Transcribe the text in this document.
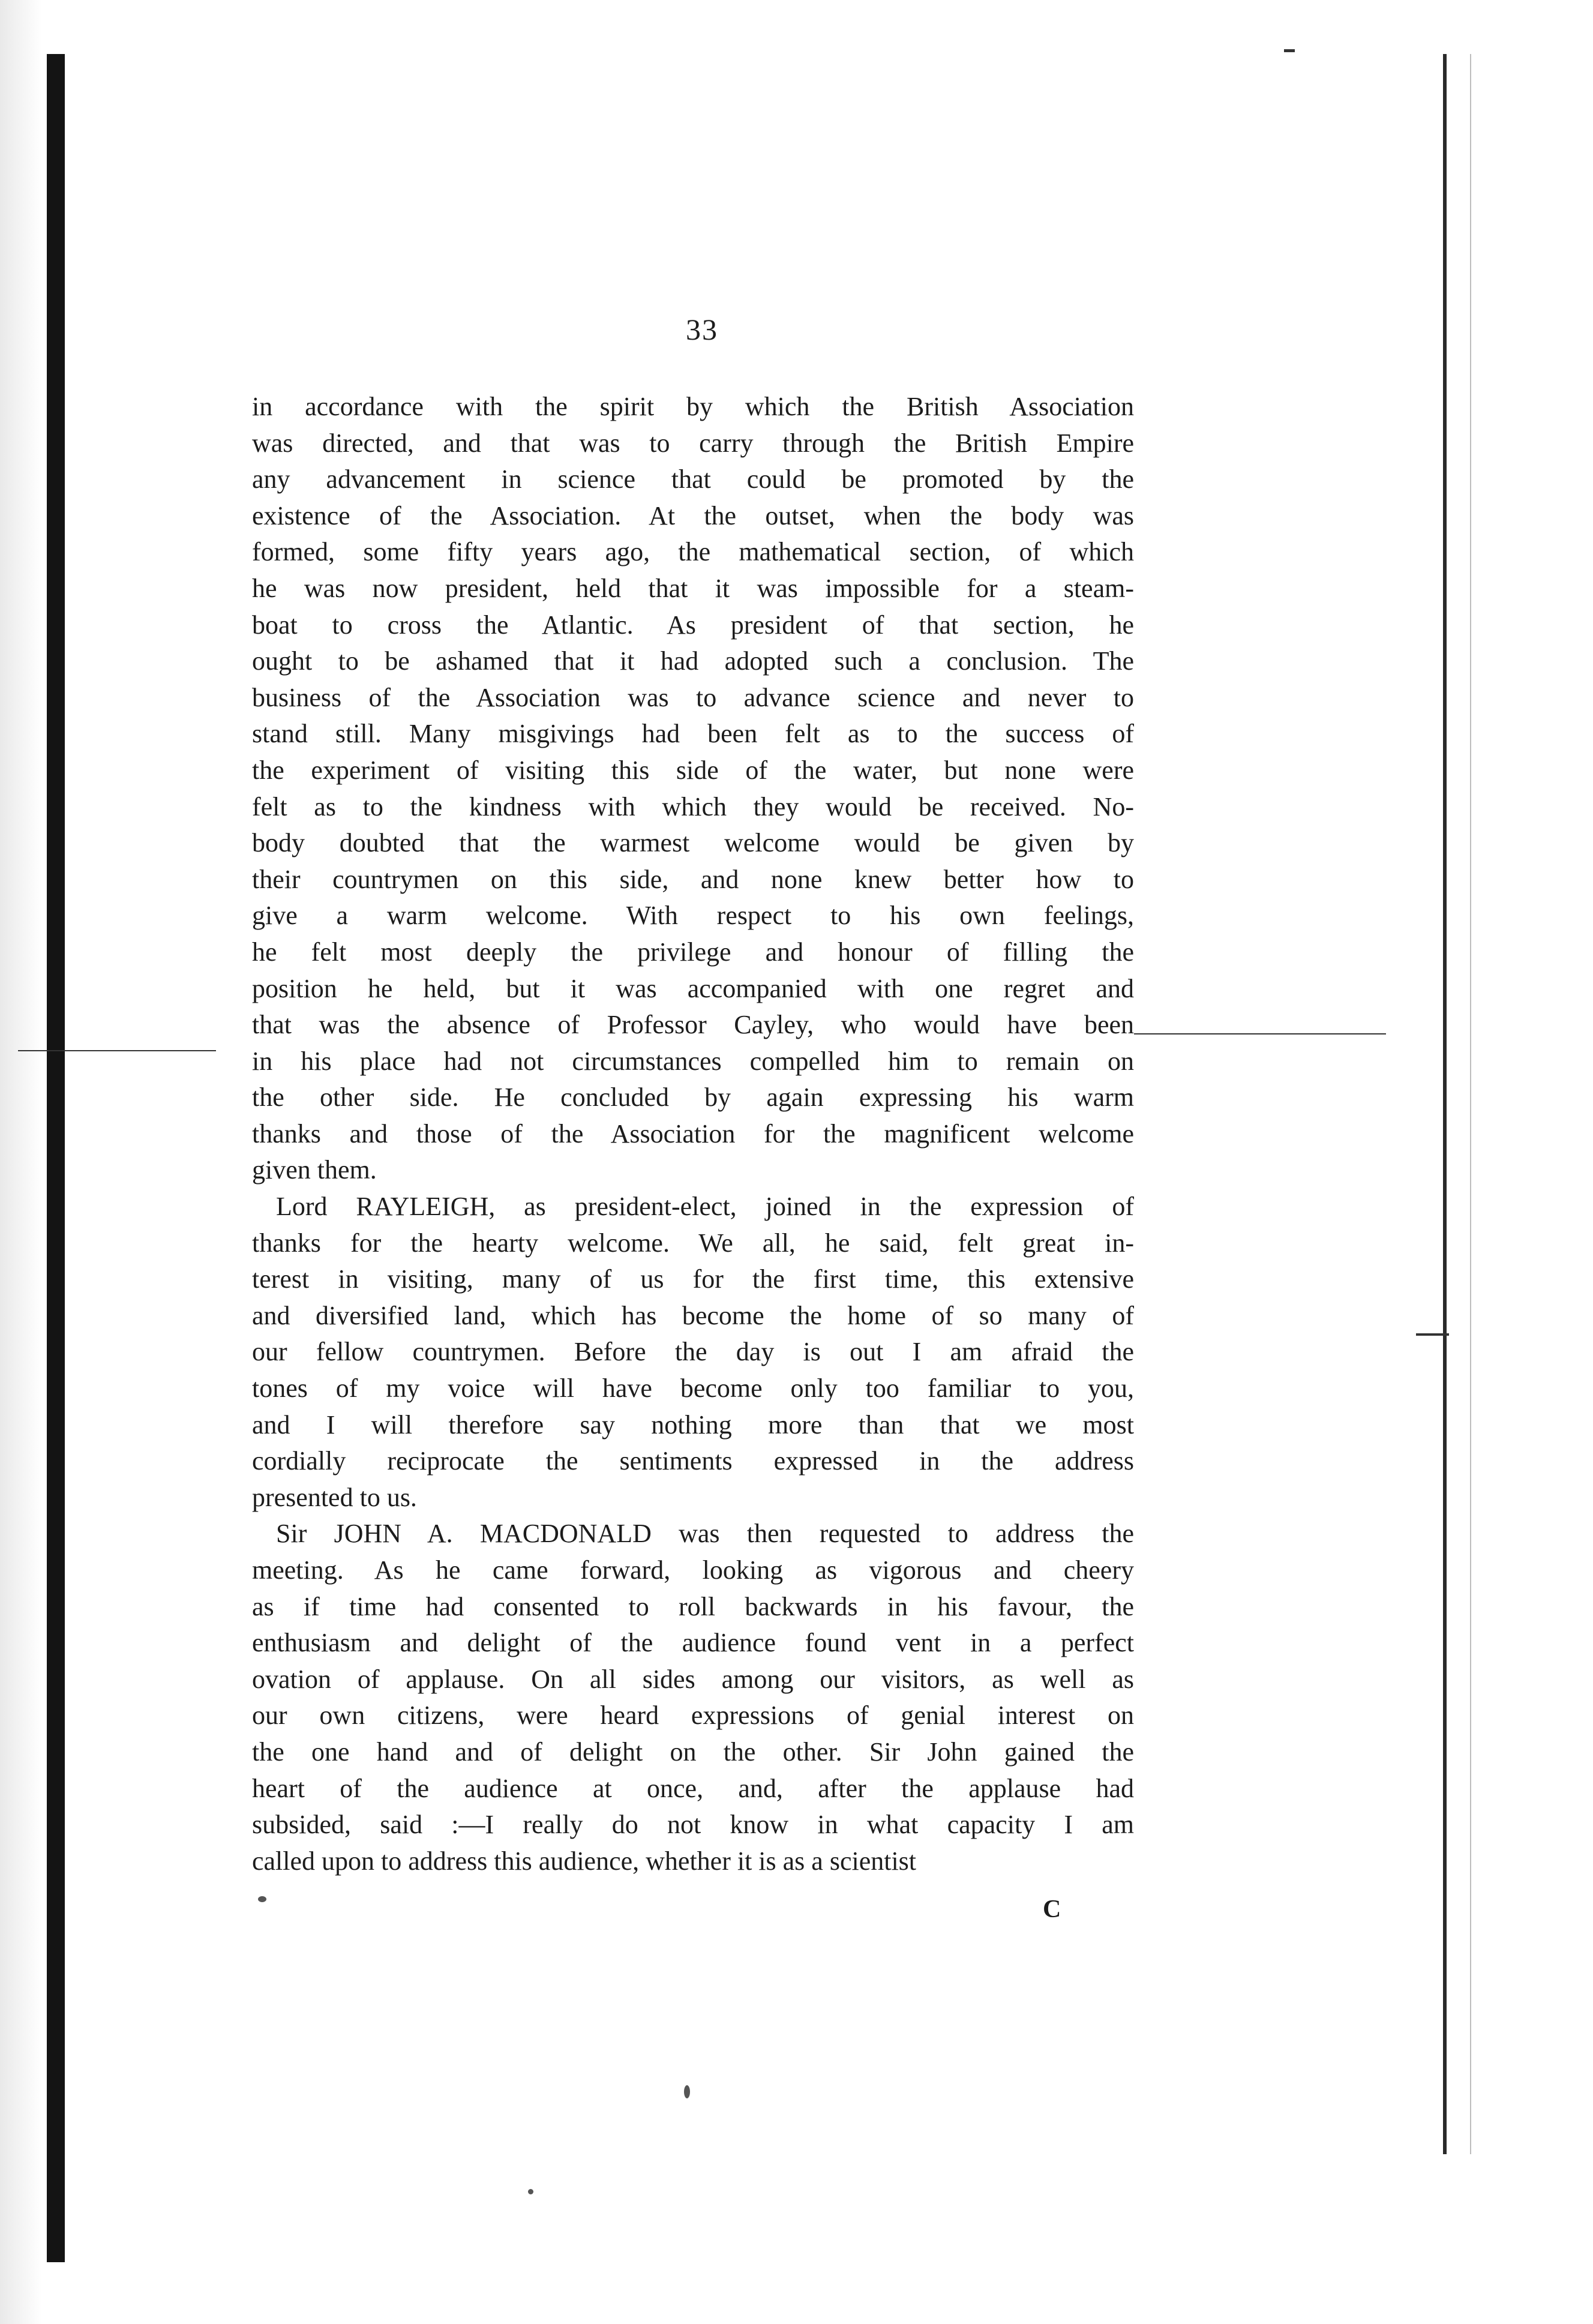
33
in accordance with the spirit by which the British Association
was directed, and that was to carry through the British Empire
any advancement in science that could be promoted by the
existence of the Association. At the outset, when the body was
formed, some fifty years ago, the mathematical section, of which
he was now president, held that it was impossible for a steam-
boat to cross the Atlantic. As president of that section, he
ought to be ashamed that it had adopted such a conclusion. The
business of the Association was to advance science and never to
stand still. Many misgivings had been felt as to the success of
the experiment of visiting this side of the water, but none were
felt as to the kindness with which they would be received. No-
body doubted that the warmest welcome would be given by
their countrymen on this side, and none knew better how to
give a warm welcome. With respect to his own feelings,
he felt most deeply the privilege and honour of filling the
position he held, but it was accompanied with one regret and
that was the absence of Professor Cayley, who would have been
in his place had not circumstances compelled him to remain on
the other side. He concluded by again expressing his warm
thanks and those of the Association for the magnificent welcome
given them.
Lord RAYLEIGH, as president-elect, joined in the expression of
thanks for the hearty welcome. We all, he said, felt great in-
terest in visiting, many of us for the first time, this extensive
and diversified land, which has become the home of so many of
our fellow countrymen. Before the day is out I am afraid the
tones of my voice will have become only too familiar to you,
and I will therefore say nothing more than that we most
cordially reciprocate the sentiments expressed in the address
presented to us.
Sir JOHN A. MACDONALD was then requested to address the
meeting. As he came forward, looking as vigorous and cheery
as if time had consented to roll backwards in his favour, the
enthusiasm and delight of the audience found vent in a perfect
ovation of applause. On all sides among our visitors, as well as
our own citizens, were heard expressions of genial interest on
the one hand and of delight on the other. Sir John gained the
heart of the audience at once, and, after the applause had
subsided, said :—I really do not know in what capacity I am
called upon to address this audience, whether it is as a scientist
C
